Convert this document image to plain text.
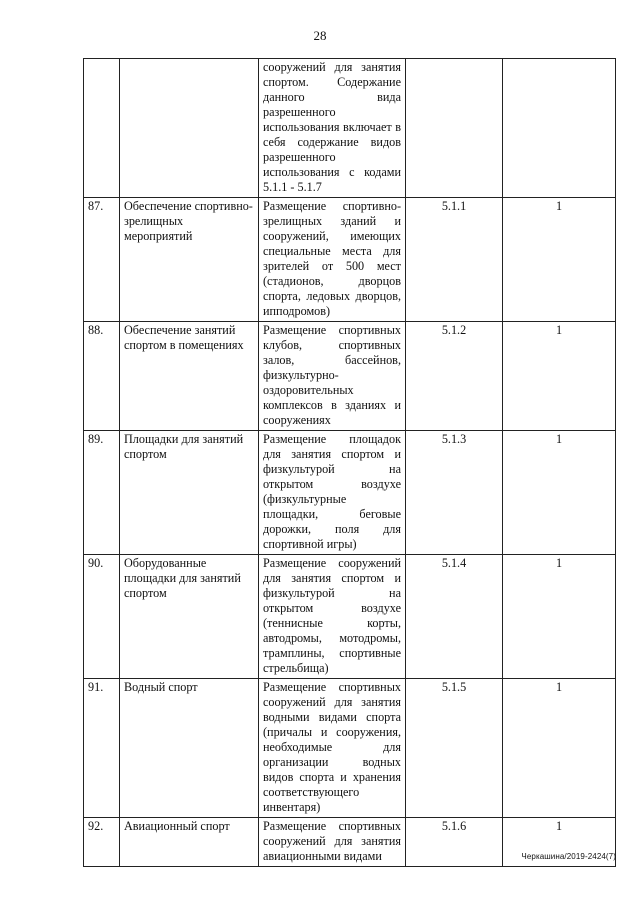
28
		сооружений для занятия спортом. Содержание данного вида разрешенного использования включает в себя содержание видов разрешенного использования с кодами 5.1.1 - 5.1.7		
87.	Обеспечение спортивно-зрелищных мероприятий	Размещение спортивно-зрелищных зданий и сооружений, имеющих специальные места для зрителей от 500 мест (стадионов, дворцов спорта, ледовых дворцов, ипподромов)	5.1.1	1
88.	Обеспечение занятий спортом в помещениях	Размещение спортивных клубов, спортивных залов, бассейнов, физкультурно-оздоровительных комплексов в зданиях и сооружениях	5.1.2	1
89.	Площадки для занятий спортом	Размещение площадок для занятия спортом и физкультурой на открытом воздухе (физкультурные площадки, беговые дорожки, поля для спортивной игры)	5.1.3	1
90.	Оборудованные площадки для занятий спортом	Размещение сооружений для занятия спортом и физкультурой на открытом воздухе (теннисные корты, автодромы, мотодромы, трамплины, спортивные стрельбища)	5.1.4	1
91.	Водный спорт	Размещение спортивных сооружений для занятия водными видами спорта (причалы и сооружения, необходимые для организации водных видов спорта и хранения соответствующего инвентаря)	5.1.5	1
92.	Авиационный спорт	Размещение спортивных сооружений для занятия авиационными видами	5.1.6	1
Черкашина/2019-2424(7)
